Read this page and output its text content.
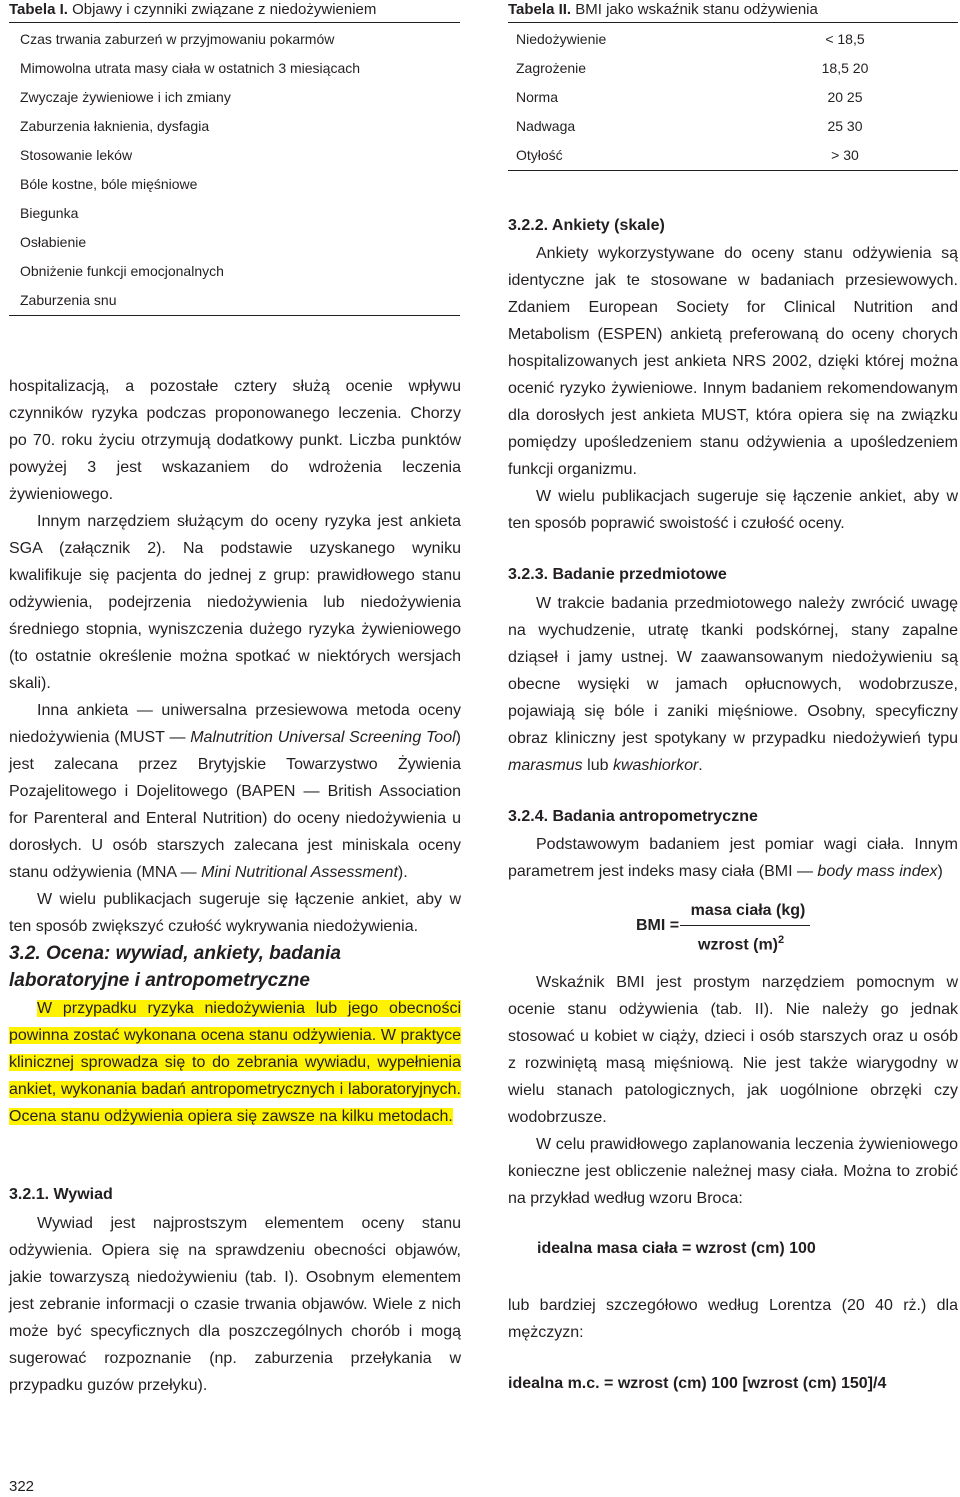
Tabela I. Objawy i czynniki związane z niedożywieniem
Czas trwania zaburzeń w przyjmowaniu pokarmów
Mimowolna utrata masy ciała w ostatnich 3 miesiącach
Zwyczaje żywieniowe i ich zmiany
Zaburzenia łaknienia, dysfagia
Stosowanie leków
Bóle kostne, bóle mięśniowe
Biegunka
Osłabienie
Obniżenie funkcji emocjonalnych
Zaburzenia snu
Tabela II. BMI jako wskaźnik stanu odżywienia
Niedożywienie	< 18,5
Zagrożenie	18,5 20
Norma	20 25
Nadwaga	25 30
Otyłość	> 30

hospitalizacją, a pozostałe cztery służą ocenie wpływu czynników ryzyka podczas proponowanego leczenia. Chorzy po 70. roku życiu otrzymują dodatkowy punkt. Liczba punktów powyżej 3 jest wskazaniem do wdrożenia leczenia żywieniowego.

Innym narzędziem służącym do oceny ryzyka jest ankieta SGA (załącznik 2). Na podstawie uzyskanego wyniku kwalifikuje się pacjenta do jednej z grup: prawidłowego stanu odżywienia, podejrzenia niedożywienia lub niedożywienia średniego stopnia, wyniszczenia dużego ryzyka żywieniowego (to ostatnie określenie można spotkać w niektórych wersjach skali).

Inna ankieta — uniwersalna przesiewowa metoda oceny niedożywienia (MUST — Malnutrition Universal Screening Tool) jest zalecana przez Brytyjskie Towarzystwo Żywienia Pozajelitowego i Dojelitowego (BAPEN — British Association for Parenteral and Enteral Nutrition) do oceny niedożywienia u dorosłych. U osób starszych zalecana jest miniskala oceny stanu odżywienia (MNA — Mini Nutritional Assessment).

W wielu publikacjach sugeruje się łączenie ankiet, aby w ten sposób zwiększyć czułość wykrywania niedożywienia.

3.2. Ocena: wywiad, ankiety, badania laboratoryjne i antropometryczne

W przypadku ryzyka niedożywienia lub jego obecności powinna zostać wykonana ocena stanu odżywienia. W praktyce klinicznej sprowadza się to do zebrania wywiadu, wypełnienia ankiet, wykonania badań antropometrycznych i laboratoryjnych. Ocena stanu odżywienia opiera się zawsze na kilku metodach.

3.2.1. Wywiad

Wywiad jest najprostszym elementem oceny stanu odżywienia. Opiera się na sprawdzeniu obecności objawów, jakie towarzyszą niedożywieniu (tab. I). Osobnym elementem jest zebranie informacji o czasie trwania objawów. Wiele z nich może być specyficznych dla poszczególnych chorób i mogą sugerować rozpoznanie (np. zaburzenia przełykania w przypadku guzów przełyku).

3.2.2. Ankiety (skale)

Ankiety wykorzystywane do oceny stanu odżywienia są identyczne jak te stosowane w badaniach przesiewowych. Zdaniem European Society for Clinical Nutrition and Metabolism (ESPEN) ankietą preferowaną do oceny chorych hospitalizowanych jest ankieta NRS 2002, dzięki której można ocenić ryzyko żywieniowe. Innym badaniem rekomendowanym dla dorosłych jest ankieta MUST, która opiera się na związku pomiędzy upośledzeniem stanu odżywienia a upośledzeniem funkcji organizmu.

W wielu publikacjach sugeruje się łączenie ankiet, aby w ten sposób poprawić swoistość i czułość oceny.

3.2.3. Badanie przedmiotowe

W trakcie badania przedmiotowego należy zwrócić uwagę na wychudzenie, utratę tkanki podskórnej, stany zapalne dziąseł i jamy ustnej. W zaawansowanym niedożywieniu są obecne wysięki w jamach opłucnowych, wodobrzusze, pojawiają się bóle i zaniki mięśniowe. Osobny, specyficzny obraz kliniczny jest spotykany w przypadku niedożywień typu marasmus lub kwashiorkor.

3.2.4. Badania antropometryczne

Podstawowym badaniem jest pomiar wagi ciała. Innym parametrem jest indeks masy ciała (BMI — body mass index)

BMI =
masa ciała (kg)
wzrost $(m)^2$

Wskaźnik BMI jest prostym narzędziem pomocnym w ocenie stanu odżywienia (tab. II). Nie należy go jednak stosować u kobiet w ciąży, dzieci i osób starszych oraz u osób z rozwiniętą masą mięśniową. Nie jest także wiarygodny w wielu stanach patologicznych, jak uogólnione obrzęki czy wodobrzusze.

W celu prawidłowego zaplanowania leczenia żywieniowego konieczne jest obliczenie należnej masy ciała. Można to zrobić na przykład według wzoru Broca:

idealna masa ciała = wzrost (cm) 100

lub bardziej szczegółowo według Lorentza (20 40 rż.) dla mężczyzn:

idealna m.c. = wzrost (cm) 100 [wzrost (cm) 150]/4
322
